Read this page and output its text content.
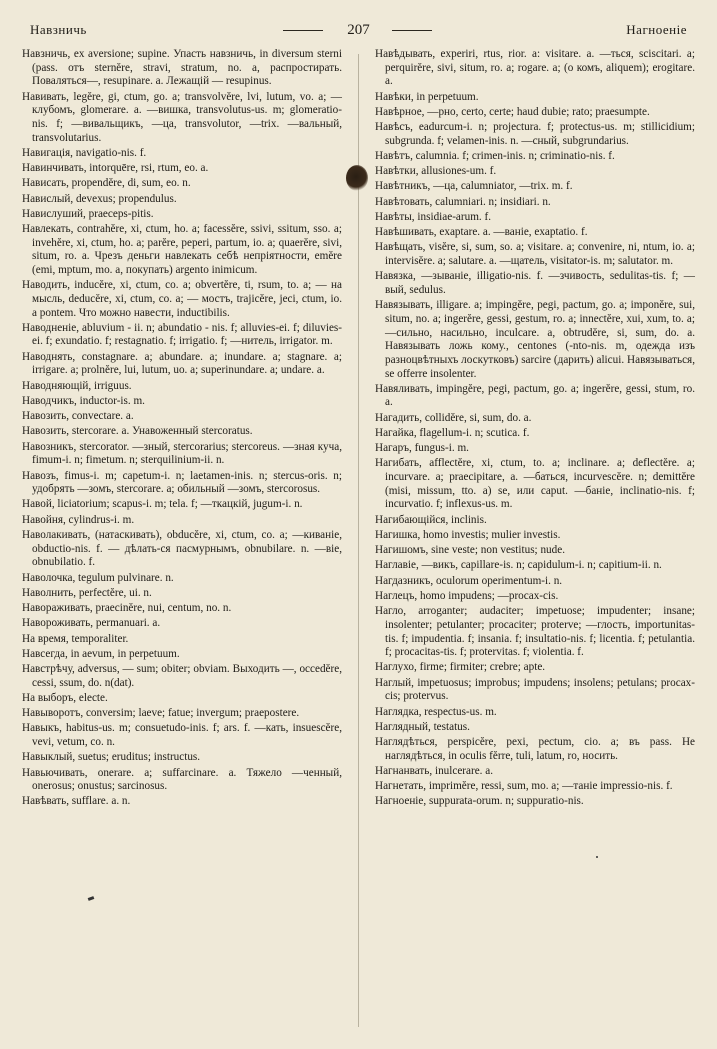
Навзничь	207	Нагноеніе

Навзничь, ex aversione; supine. Упасть навзничь, in diversum sterni (pass. отъ sternĕre, stravi, stratum, no. a, распростирать. Поваляться—, resupinare. a. Лежащій — resupinus.

Навивать, legĕre, gi, ctum, go. a; transvolvĕre, lvi, lutum, vo. a; — клубомъ, glomerare. a. —вишка, transvolutus-us. m; glomeratio-nis. f; —вивальщикъ, —ца, transvolutor, —trix. —вальный, transvolutarius.

Навигація, navigatio-nis. f.

Навинчивать, intorquēre, rsi, rtum, eo. a.

Нависать, propendĕre, di, sum, eo. n.

Навислый, devexus; propendulus.

Навислуший, praeceps-pitis.

Навлекать, contrahĕre, xi, ctum, ho. a; facessĕre, ssivi, ssitum, sso. a; invehĕre, xi, ctum, ho. a; parĕre, peperi, partum, io. a; quaerĕre, sivi, situm, ro. a. Чрезъ деньги навлекать себѣ непріятности, emĕre (emi, mptum, mo. a, покупать) argento inimicum.

Наводить, inducĕre, xi, ctum, co. a; obvertĕre, ti, rsum, to. a; — на мысль, deducĕre, xi, ctum, co. a; — мостъ, trajicĕre, jeci, ctum, io. a pontem. Что можно навести, inductibilis.

Наводненіе, abluvium - ii. n; abundatio - nis. f; alluvies-ei. f; diluvies-ei. f; exundatio. f; restagnatio. f; irrigatio. f; —нитель, irrigator. m.

Наводнять, constagnare. a; abundare. a; inundare. a; stagnare. a; irrigare. a; prolnĕre, lui, lutum, uo. a; superinundare. a; undare. a.

Наводняющій, irriguus.

Наводчикъ, inductor-is. m.

Навозить, convectare. a.

Навозить, stercorare. a. Унавоженный stercoratus.

Навозникъ, stercorator. —зный, stercorarius; stercoreus. —зная куча, fimum-i. n; fimetum. n; sterquilinium-ii. n.

Навозъ, fimus-i. m; capetum-i. n; laetamen-inis. n; stercus-oris. n; удобрять —зомъ, stercorare. a; обильный —зомъ, stercorosus.

Навой, liciatorium; scapus-i. m; tela. f; —ткацкій, jugum-i. n.

Навойня, cylindrus-i. m.

Наволакивать, (натаскивать), obducĕre, xi, ctum, co. a; —киваніе, obductio-nis. f. — дѣлать-ся пасмурнымъ, obnubilare. n. —віе, obnubilatio. f.

Наволочка, tegulum pulvinare. n.

Наволнить, perfectĕre, ui. n.

Навораживать, praecinĕre, nui, centum, no. n.

Навороживать, permanuari. a.

На время, temporaliter.

Навсегда, in aevum, in perpetuum.

Навстрѣчу, adversus, — sum; obiter; obviam. Выходить —, occedĕre, cessi, ssum, do. n(dat).

На выборъ, electe.

Навыворотъ, conversim; laeve; fatue; invergum; praepostere.

Навыкъ, habitus-us. m; consuetudo-inis. f; ars. f. —кать, insuescĕre, vevi, vetum, co. n.

Навыклый, suetus; eruditus; instructus.

Навьючивать, onerare. a; suffarcinare. a. Тяжело —ченный, onerosus; onustus; sarcinosus.

Навѣвать, sufflare. a. n.

Навѣдывать, experiri, rtus, rior. a: visitare. a. —ться, sciscitari. a; perquirĕre, sivi, situm, ro. a; rogare. a; (о комъ, aliquem); erogitare. a.

Навѣки, in perpetuum.

Навѣрное, —рно, certo, certe; haud dubie; rato; praesumpte.

Навѣсъ, eadurcum-i. n; projectura. f; protectus-us. m; stillicidium; subgrunda. f; velamen-inis. n. —сный, subgrundarius.

Навѣтъ, calumnia. f; crimen-inis. n; criminatio-nis. f.

Навѣтки, allusiones-um. f.

Навѣтникъ, —ца, calumniator, —trix. m. f.

Навѣтовать, calumniari. n; insidiari. n.

Навѣты, insidiae-arum. f.

Навѣшивать, exaptare. a. —ваніе, exaptatio. f.

Навѣщать, visĕre, si, sum, so. a; visitare. a; convenire, ni, ntum, io. a; intervisĕre. a; salutare. a. —щатель, visitator-is. m; salutator. m.

Навязка, —зываніе, illigatio-nis. f. —зчивость, sedulitas-tis. f; —вый, sedulus.

Навязывать, illigare. a; impingĕre, pegi, pactum, go. a; imponĕre, sui, situm, no. a; ingerĕre, gessi, gestum, ro. a; innectĕre, xui, xum, to. a; —сильно, насильно, inculcare. a, obtrudĕre, si, sum, do. a. Навязывать ложь кому., centones (-nto-nis. m, одежда изъ разноцвѣтныхъ лоскутковъ) sarcire (дарить) alicui. Навязываться, se offerre insolenter.

Навяливать, impingĕre, pegi, pactum, go. a; ingerĕre, gessi, stum, ro. a.

Нагадить, collidĕre, si, sum, do. a.

Нагайка, flagellum-i. n; scutica. f.

Нагаръ, fungus-i. m.

Нагибать, afflectĕre, xi, ctum, to. a; inclinare. a; deflectĕre. a; incurvare. a; praecipitare, a. —баться, incurvescĕre. n; demittĕre (misi, missum, tto. a) se, или caput. —баніе, inclinatio-nis. f; incurvatio. f; inflexus-us. m.

Нагибающійся, inclinis.

Нагишка, homo investis; mulier investis.

Нагишомъ, sine veste; non vestitus; nude.

Наглавіе, —викъ, capillare-is. n; capidulum-i. n; capitium-ii. n.

Нагдазникъ, oculorum operimentum-i. n.

Наглецъ, homo impudens; —procax-cis.

Нагло, arroganter; audaciter; impetuose; impudenter; insane; insolenter; petulanter; procaciter; proterve; —глость, importunitas-tis. f; impudentia. f; insania. f; insultatio-nis. f; licentia. f; petulantia. f; procacitas-tis. f; protervitas. f; violentia. f.

Наглухо, firme; firmiter; crebre; apte.

Наглый, impetuosus; improbus; impudens; insolens; petulans; procax-cis; protervus.

Наглядка, respectus-us. m.

Наглядный, testatus.

Наглядѣться, perspicĕre, pexi, pectum, cio. a; въ pass. Не наглядѣться, in oculis fĕrre, tuli, latum, ro, носить.

Нагнанвать, inulcerare. a.

Нагнетать, imprimĕre, ressi, sum, mo. a; —танie impressio-nis. f.

Нагноеніе, suppurata-orum. n; suppuratio-nis.
